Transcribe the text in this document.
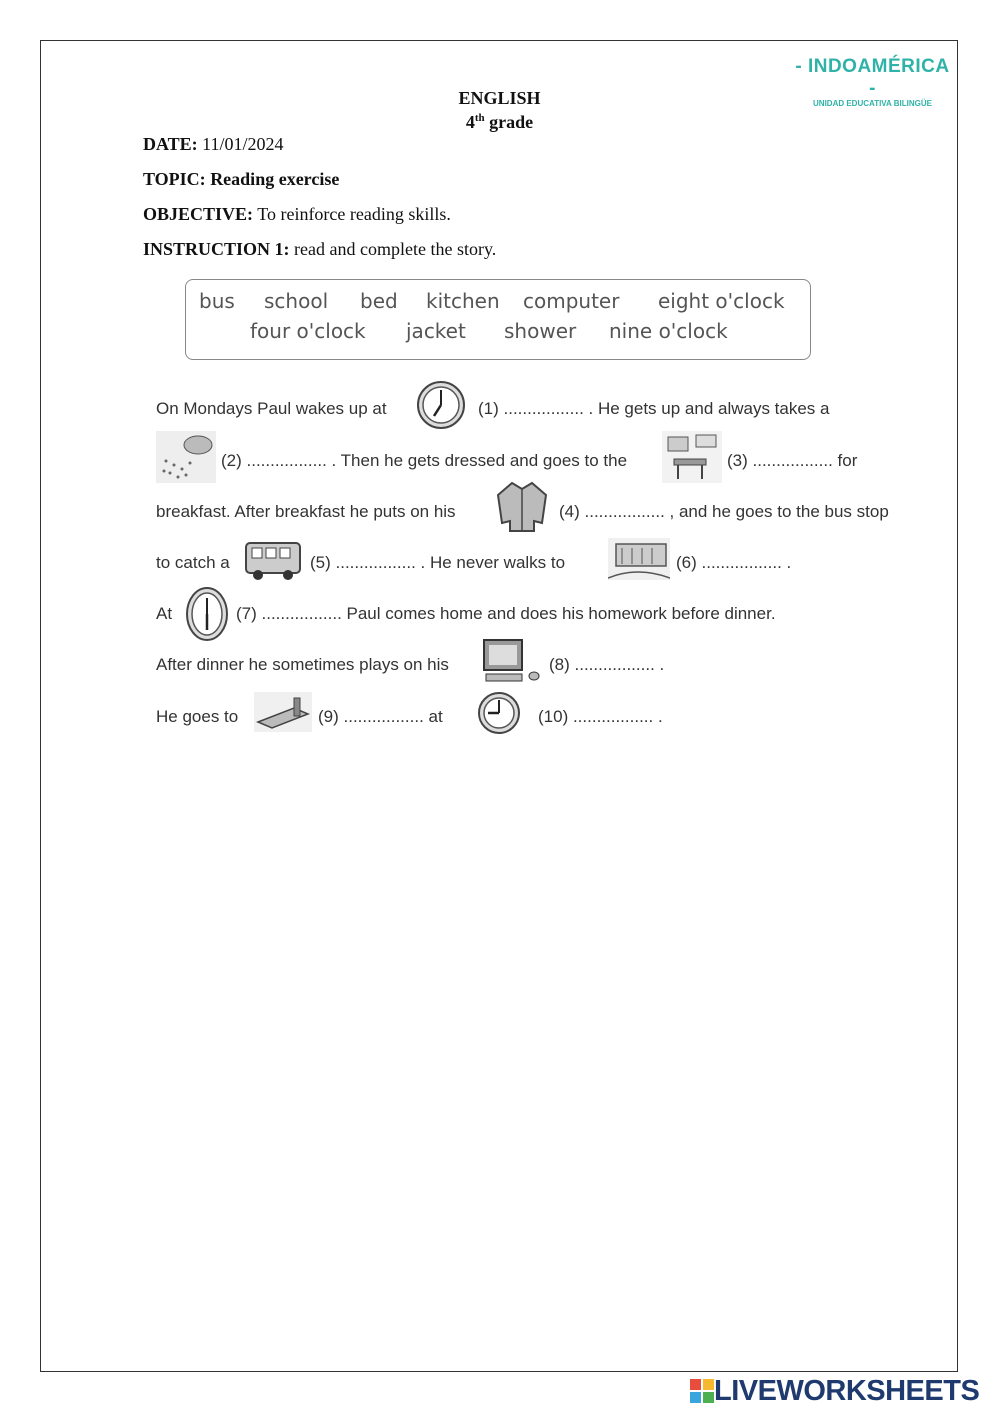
- INDOAMÉRICA -
UNIDAD EDUCATIVA BILINGÜE
ENGLISH
4th grade
DATE: 11/01/2024
TOPIC: Reading exercise
OBJECTIVE: To reinforce reading skills.
INSTRUCTION 1: read and complete the story.
bus school bed kitchen computer eight o'clock
four o'clock jacket shower nine o'clock
On Mondays Paul wakes up at	(1) ................. . He gets up and always takes a
(2) ................. . Then he gets dressed and goes to the	(3) ................. for
breakfast. After breakfast he puts on his	(4) ................. , and he goes to the bus stop
to catch a	(5) ................. . He never walks to	(6) ................. .
At	(7) ................. Paul comes home and does his homework before dinner.
After dinner he sometimes plays on his	(8) ................. .
He goes to	(9) ................. at	(10) ................. .
LIVEWORKSHEETS
